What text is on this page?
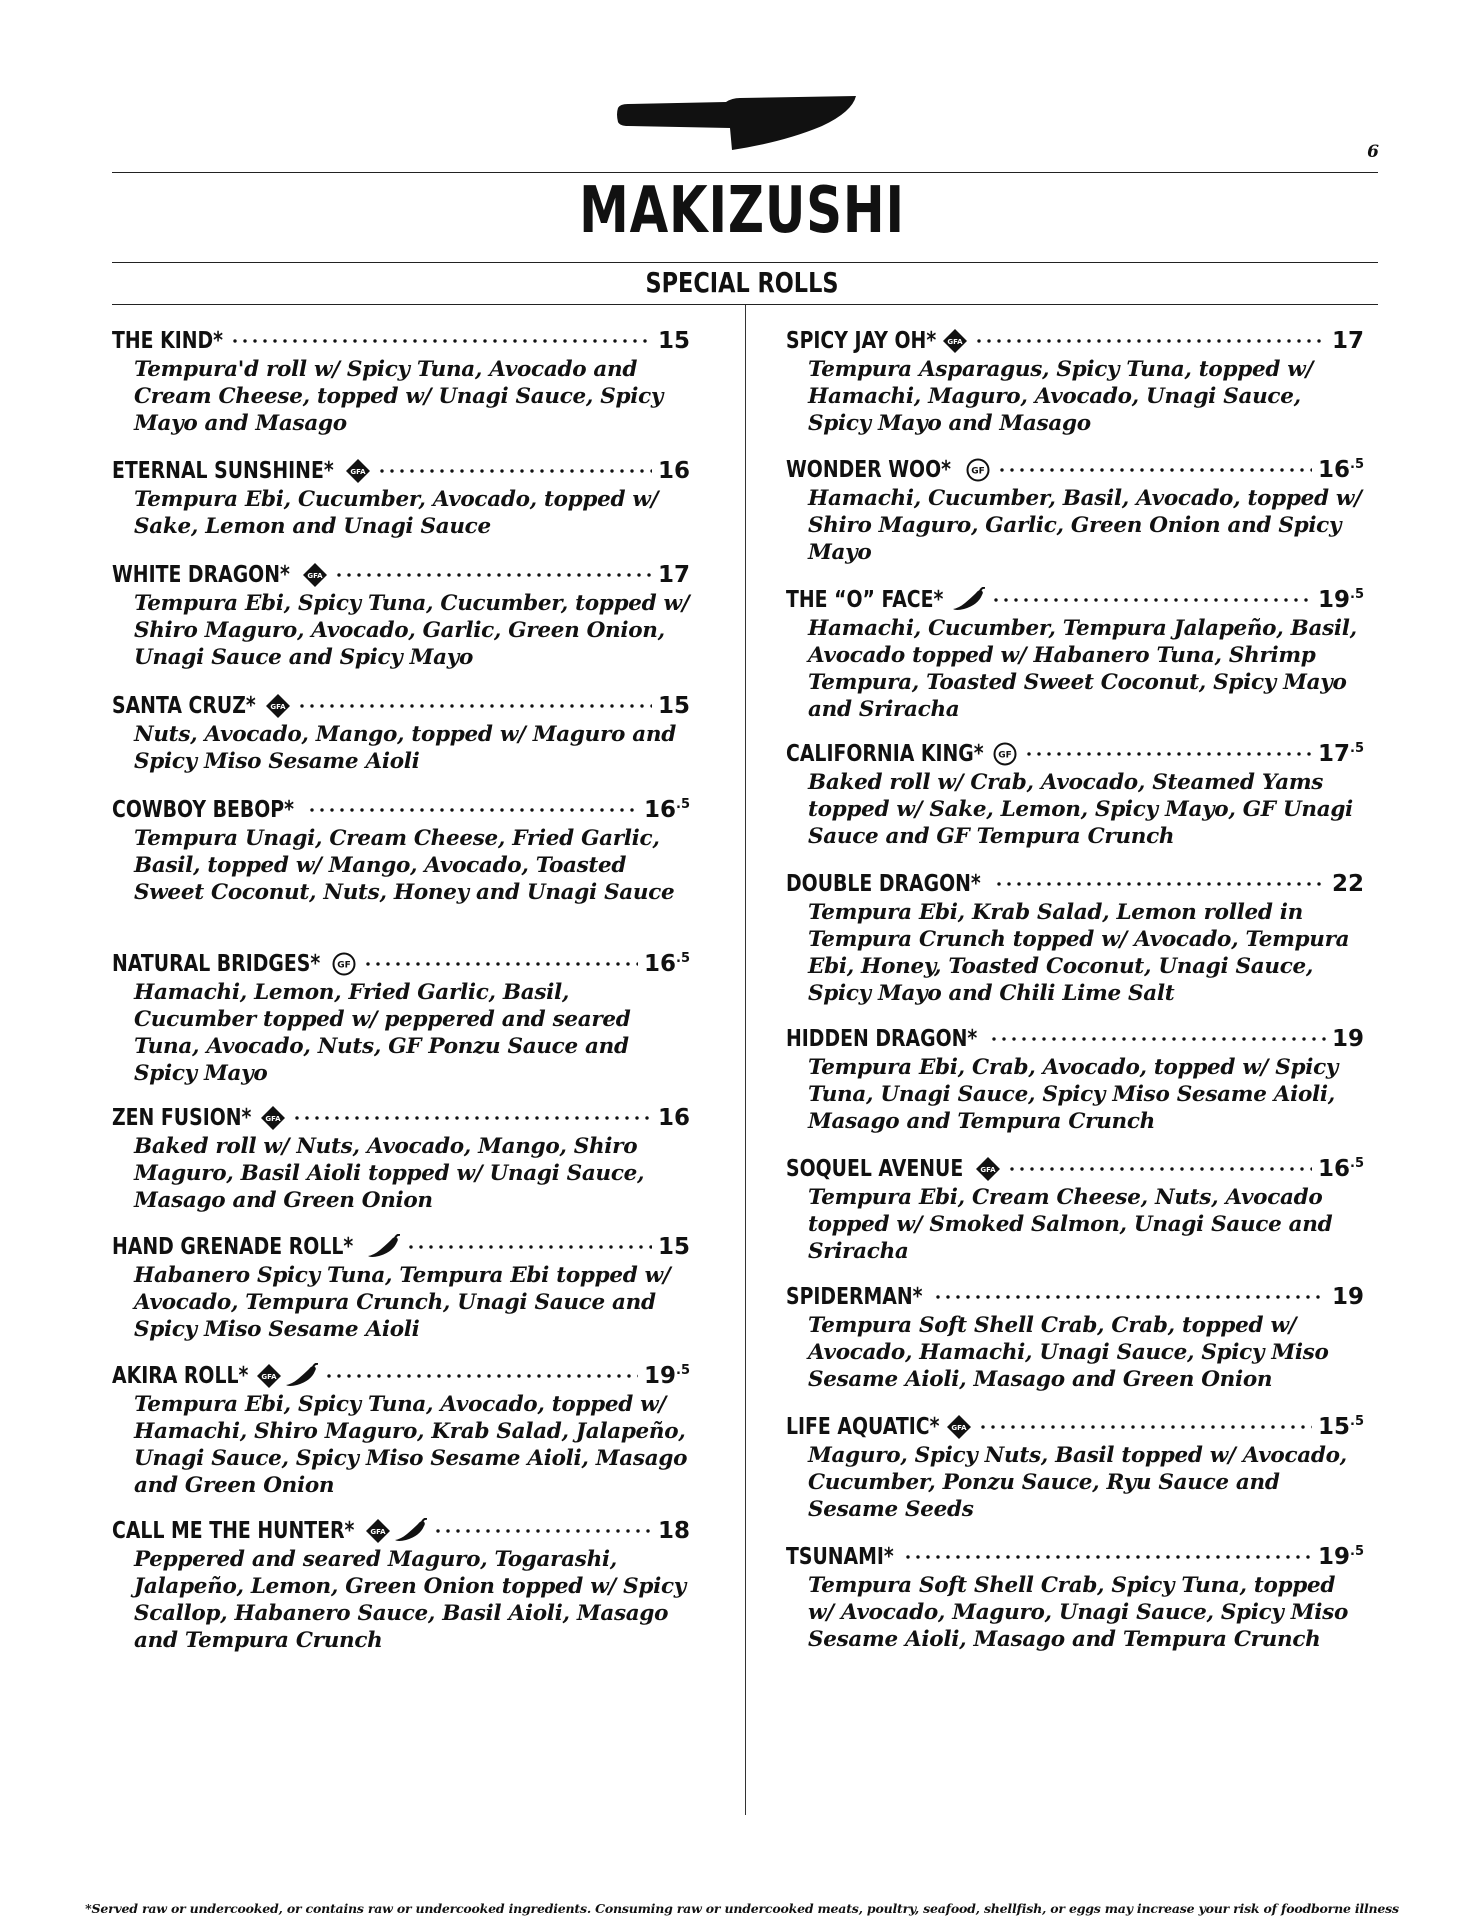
6
MAKIZUSHI
SPECIAL ROLLS
THE KIND*	15
Tempura'd roll w/ Spicy Tuna, Avocado and Cream Cheese, topped w/ Unagi Sauce, Spicy Mayo and Masago
ETERNAL SUNSHINE* GFA	16
Tempura Ebi, Cucumber, Avocado, topped w/ Sake, Lemon and Unagi Sauce
WHITE DRAGON* GFA	17
Tempura Ebi, Spicy Tuna, Cucumber, topped w/ Shiro Maguro, Avocado, Garlic, Green Onion, Unagi Sauce and Spicy Mayo
SANTA CRUZ* GFA	15
Nuts, Avocado, Mango, topped w/ Maguro and Spicy Miso Sesame Aioli
COWBOY BEBOP*	$16^{.5}$
Tempura Unagi, Cream Cheese, Fried Garlic, Basil, topped w/ Mango, Avocado, Toasted Sweet Coconut, Nuts, Honey and Unagi Sauce
NATURAL BRIDGES* GF	$16^{.5}$
Hamachi, Lemon, Fried Garlic, Basil, Cucumber topped w/ peppered and seared Tuna, Avocado, Nuts, GF Ponzu Sauce and Spicy Mayo
ZEN FUSION* GFA	16
Baked roll w/ Nuts, Avocado, Mango, Shiro Maguro, Basil Aioli topped w/ Unagi Sauce, Masago and Green Onion
HAND GRENADE ROLL*	15
Habanero Spicy Tuna, Tempura Ebi topped w/ Avocado, Tempura Crunch, Unagi Sauce and Spicy Miso Sesame Aioli
AKIRA ROLL* GFA	$19^{.5}$
Tempura Ebi, Spicy Tuna, Avocado, topped w/ Hamachi, Shiro Maguro, Krab Salad, Jalapeño, Unagi Sauce, Spicy Miso Sesame Aioli, Masago and Green Onion
CALL ME THE HUNTER* GFA	18
Peppered and seared Maguro, Togarashi, Jalapeño, Lemon, Green Onion topped w/ Spicy Scallop, Habanero Sauce, Basil Aioli, Masago and Tempura Crunch
SPICY JAY OH* GFA	17
Tempura Asparagus, Spicy Tuna, topped w/ Hamachi, Maguro, Avocado, Unagi Sauce, Spicy Mayo and Masago
WONDER WOO* GF	$16^{.5}$
Hamachi, Cucumber, Basil, Avocado, topped w/ Shiro Maguro, Garlic, Green Onion and Spicy Mayo
THE “O” FACE*	$19^{.5}$
Hamachi, Cucumber, Tempura Jalapeño, Basil, Avocado topped w/ Habanero Tuna, Shrimp Tempura, Toasted Sweet Coconut, Spicy Mayo and Sriracha
CALIFORNIA KING* GF	$17^{.5}$
Baked roll w/ Crab, Avocado, Steamed Yams topped w/ Sake, Lemon, Spicy Mayo, GF Unagi Sauce and GF Tempura Crunch
DOUBLE DRAGON*	22
Tempura Ebi, Krab Salad, Lemon rolled in Tempura Crunch topped w/ Avocado, Tempura Ebi, Honey, Toasted Coconut, Unagi Sauce, Spicy Mayo and Chili Lime Salt
HIDDEN DRAGON*	19
Tempura Ebi, Crab, Avocado, topped w/ Spicy Tuna, Unagi Sauce, Spicy Miso Sesame Aioli, Masago and Tempura Crunch
SOQUEL AVENUE GFA	$16^{.5}$
Tempura Ebi, Cream Cheese, Nuts, Avocado topped w/ Smoked Salmon, Unagi Sauce and Sriracha
SPIDERMAN*	19
Tempura Soft Shell Crab, Crab, topped w/ Avocado, Hamachi, Unagi Sauce, Spicy Miso Sesame Aioli, Masago and Green Onion
LIFE AQUATIC* GFA	$15^{.5}$
Maguro, Spicy Nuts, Basil topped w/ Avocado, Cucumber, Ponzu Sauce, Ryu Sauce and Sesame Seeds
TSUNAMI*	$19^{.5}$
Tempura Soft Shell Crab, Spicy Tuna, topped w/ Avocado, Maguro, Unagi Sauce, Spicy Miso Sesame Aioli, Masago and Tempura Crunch
*Served raw or undercooked, or contains raw or undercooked ingredients. Consuming raw or undercooked meats, poultry, seafood, shellfish, or eggs may increase your risk of foodborne illness
